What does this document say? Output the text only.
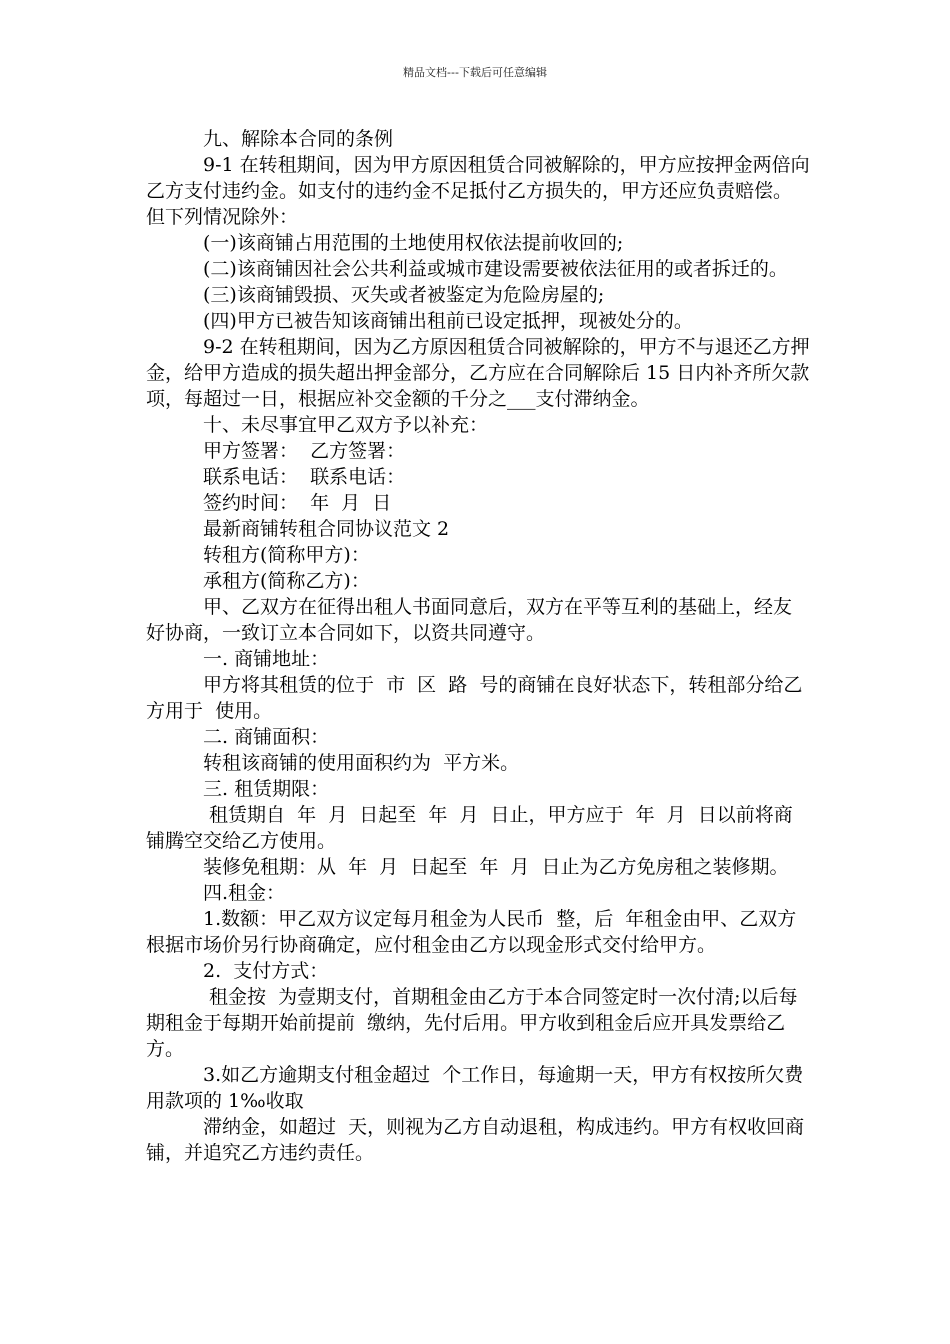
精品文档---下载后可任意编辑

九、解除本合同的条例

9-1 在转租期间，因为甲方原因租赁合同被解除的，甲方应按押金两倍向乙方支付违约金。如支付的违约金不足抵付乙方损失的，甲方还应负责赔偿。但下列情况除外：

(一)该商铺占用范围的土地使用权依法提前收回的;

(二)该商铺因社会公共利益或城市建设需要被依法征用的或者拆迁的。

(三)该商铺毁损、灭失或者被鉴定为危险房屋的;

(四)甲方已被告知该商铺出租前已设定抵押，现被处分的。

9-2 在转租期间，因为乙方原因租赁合同被解除的，甲方不与退还乙方押金，给甲方造成的损失超出押金部分，乙方应在合同解除后 15 日内补齐所欠款项，每超过一日，根据应补交金额的千分之___支付滞纳金。

十、未尽事宜甲乙双方予以补充：

甲方签署：  乙方签署：

联系电话：  联系电话：

签约时间：  年  月  日

最新商铺转租合同协议范文 2

转租方(简称甲方)：

承租方(简称乙方)：

甲、乙双方在征得出租人书面同意后，双方在平等互利的基础上，经友好协商，一致订立本合同如下，以资共同遵守。

一. 商铺地址：

甲方将其租赁的位于  市  区  路  号的商铺在良好状态下，转租部分给乙方用于  使用。

二. 商铺面积：

转租该商铺的使用面积约为  平方米。

三. 租赁期限：

租赁期自  年  月  日起至  年  月  日止，甲方应于  年  月  日以前将商铺腾空交给乙方使用。

装修免租期：从  年  月  日起至  年  月  日止为乙方免房租之装修期。

四.租金：

1.数额：甲乙双方议定每月租金为人民币  整，后  年租金由甲、乙双方根据市场价另行协商确定，应付租金由乙方以现金形式交付给甲方。

2.  支付方式：

租金按  为壹期支付，首期租金由乙方于本合同签定时一次付清;以后每期租金于每期开始前提前  缴纳，先付后用。甲方收到租金后应开具发票给乙方。

3.如乙方逾期支付租金超过  个工作日，每逾期一天，甲方有权按所欠费用款项的 1‰收取

滞纳金，如超过  天，则视为乙方自动退租，构成违约。甲方有权收回商铺，并追究乙方违约责任。
